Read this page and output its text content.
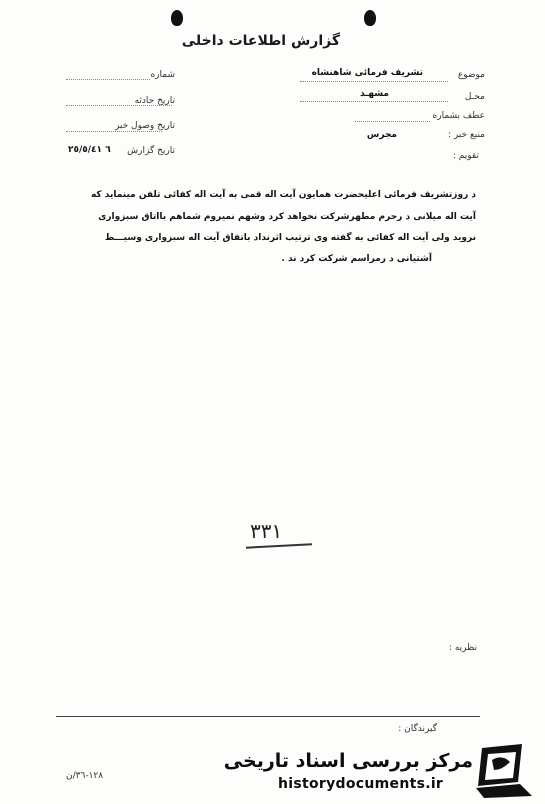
گزارش اطلاعات داخلی
موضوع
تشریف فرمائی شاهنشاه
محـل
مشهـد
عطف بشماره
منبع خبر :
مجرس
تقویم :
شماره
تاریخ حادثه
تاریخ وصول خبر
تاریخ گزارش
٦ ٢٥/٥/٤١
د روزتشریف فرمائی اعلیحضرت همایون آیت اله قمی به آیت اله کفائی تلفن مینماید که
آیت اله میلانی د رحرم مطهرشرکت نخواهد کرد وشهم نمیروم شماهم بااتاق سبزواری
نروید ولی آیت اله کفائی به گفته وی ترتیب اثرنداد باتفاق آیت اله سبزواری وسیـــط
آشتیانی د رمراسم شرکت کرد ند .
٣٣١
نظریه :
گیرندگان :
١٢٨-٣٦/ن
مرکز بررسی اسناد تاریخی
historydocuments.ir
